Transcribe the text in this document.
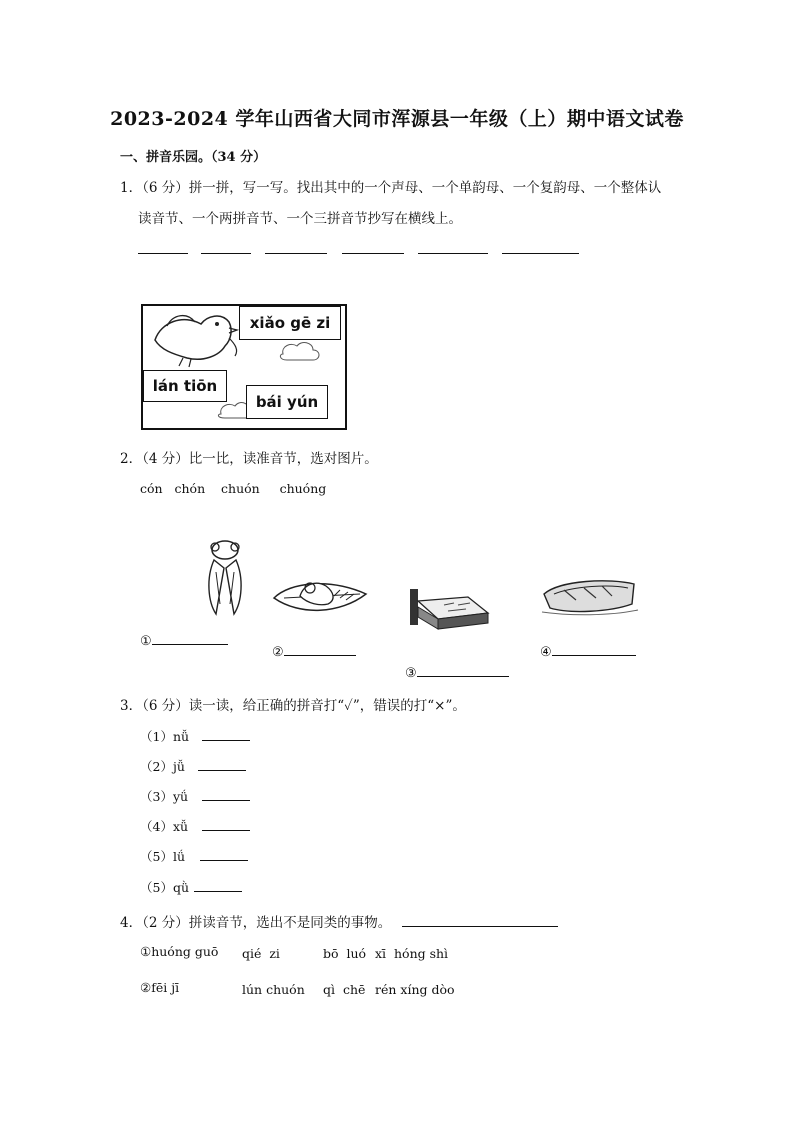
2023-2024 学年山西省大同市浑源县一年级（上）期中语文试卷
一、拼音乐园。（34 分）
1．（6 分）拼一拼，写一写。找出其中的一个声母、一个单韵母、一个复韵母、一个整体认
读音节、一个两拼音节、一个三拼音节抄写在横线上。
xiǎo gē zi
lán tiōn
bái yún
2．（4 分）比一比，读准音节，选对图片。
cón   chón    chuón     chuóng
①
②
③
④
3．（6 分）读一读，给正确的拼音打“✓”，错误的打“×”。
（1）nǚ
（2）jǚ
（3）yǘ
（4）xǚ
（5）lǘ
（5）qǜ
4．（2 分）拼读音节，选出不是同类的事物。
①huóng guō qié  zi	bō  luó xī  hóng shì
②fēi jī	lún chuón qì  chē rén xíng dòo
